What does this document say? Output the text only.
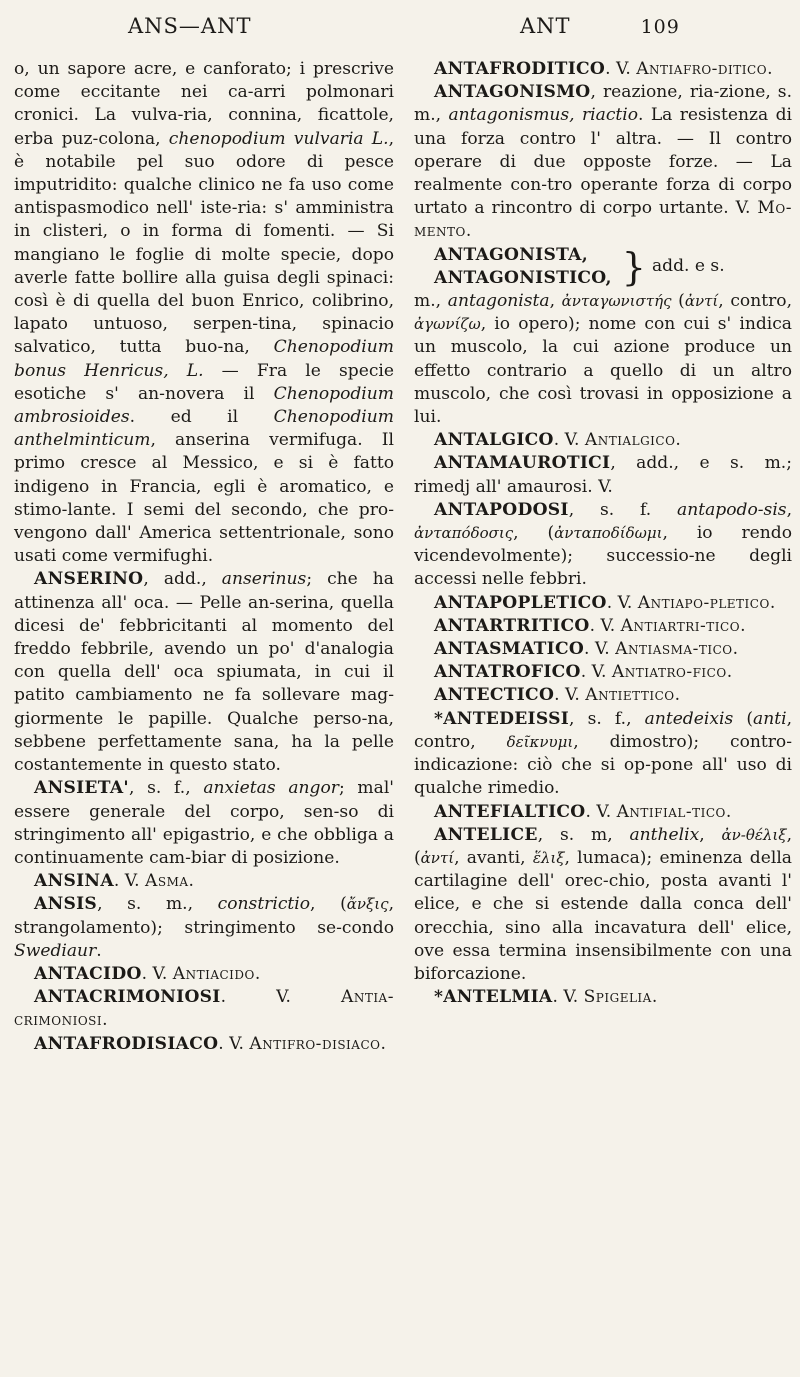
ANS—ANT	ANT	109

o, un sapore acre, e canforato; i prescrive come eccitante nei ca-arri polmonari cronici. La vulva-ria, connina, ficattole, erba puz-colona, chenopodium vulvaria L., è notabile pel suo odore di pesce imputridito: qualche clinico ne fa uso come antispasmodico nell' iste-ria: s' amministra in clisteri, o in forma di fomenti. — Si mangiano le foglie di molte specie, dopo averle fatte bollire alla guisa degli spinaci: così è di quella del buon Enrico, colibrino, lapato untuoso, serpen-tina, spinacio salvatico, tutta buo-na, Chenopodium bonus Henricus, L. — Fra le specie esotiche s' an-novera il Chenopodium ambrosioides. ed il Chenopodium anthelminticum, anserina vermifuga. Il primo cresce al Messico, e si è fatto indigeno in Francia, egli è aromatico, e stimo-lante. I semi del secondo, che pro-vengono dall' America settentrionale, sono usati come vermifughi.

ANSERINO, add., anserinus; che ha attinenza all' oca. — Pelle an-serina, quella dicesi de' febbricitanti al momento del freddo febbrile, avendo un po' d'analogia con quella dell' oca spiumata, in cui il patito cambiamento ne fa sollevare mag-giormente le papille. Qualche perso-na, sebbene perfettamente sana, ha la pelle costantemente in questo stato.

ANSIETA', s. f., anxietas angor; mal' essere generale del corpo, sen-so di stringimento all' epigastrio, e che obbliga a continuamente cam-biar di posizione.

ANSINA. V. Asma.

ANSIS, s. m., constrictio, (ἄνξις, strangolamento); stringimento se-condo Swediaur.

ANTACIDO. V. Antiacido.

ANTACRIMONIOSI. V. Antia-crimoniosi.

ANTAFRODISIACO. V. Antifro-disiaco.

ANTAFRODITICO. V. Antiafro-ditico.

ANTAGONISMO, reazione, ria-zione, s. m., antagonismus, riactio. La resistenza di una forza contro l' altra. — Il contro operare di due opposte forze. — La realmente con-tro operante forza di corpo urtato a rincontro di corpo urtante. V. Mo-mento.

ANTAGONISTA,
ANTAGONISTICO, } add. e s.

m., antagonista, ἀνταγωνιστής (ἀντί, contro, ἀγωνίζω, io opero); nome con cui s' indica un muscolo, la cui azione produce un effetto contrario a quello di un altro muscolo, che così trovasi in opposizione a lui.

ANTALGICO. V. Antialgico.

ANTAMAUROTICI, add., e s. m.; rimedj all' amaurosi. V.

ANTAPODOSI, s. f. antapodo-sis, ἀνταπόδοσις, (ἀνταποδίδωμι, io rendo vicendevolmente); successio-ne degli accessi nelle febbri.

ANTAPOPLETICO. V. Antiapo-pletico.

ANTARTRITICO. V. Antiartri-tico.

ANTASMATICO. V. Antiasma-tico.

ANTATROFICO. V. Antiatro-fico.

ANTECTICO. V. Antiettico.

*ANTEDEISSI, s. f., antedeixis (anti, contro, δεῖκνυμι, dimostro); contro-indicazione: ciò che si op-pone all' uso di qualche rimedio.

ANTEFIALTICO. V. Antifial-tico.

ANTELICE, s. m, anthelix, ἀν-θέλιξ, (ἀντί, avanti, ἕλιξ, lumaca); eminenza della cartilagine dell' orec-chio, posta avanti l' elice, e che si estende dalla conca dell' orecchia, sino alla incavatura dell' elice, ove essa termina insensibilmente con una biforcazione.

*ANTELMIA. V. Spigelia.
